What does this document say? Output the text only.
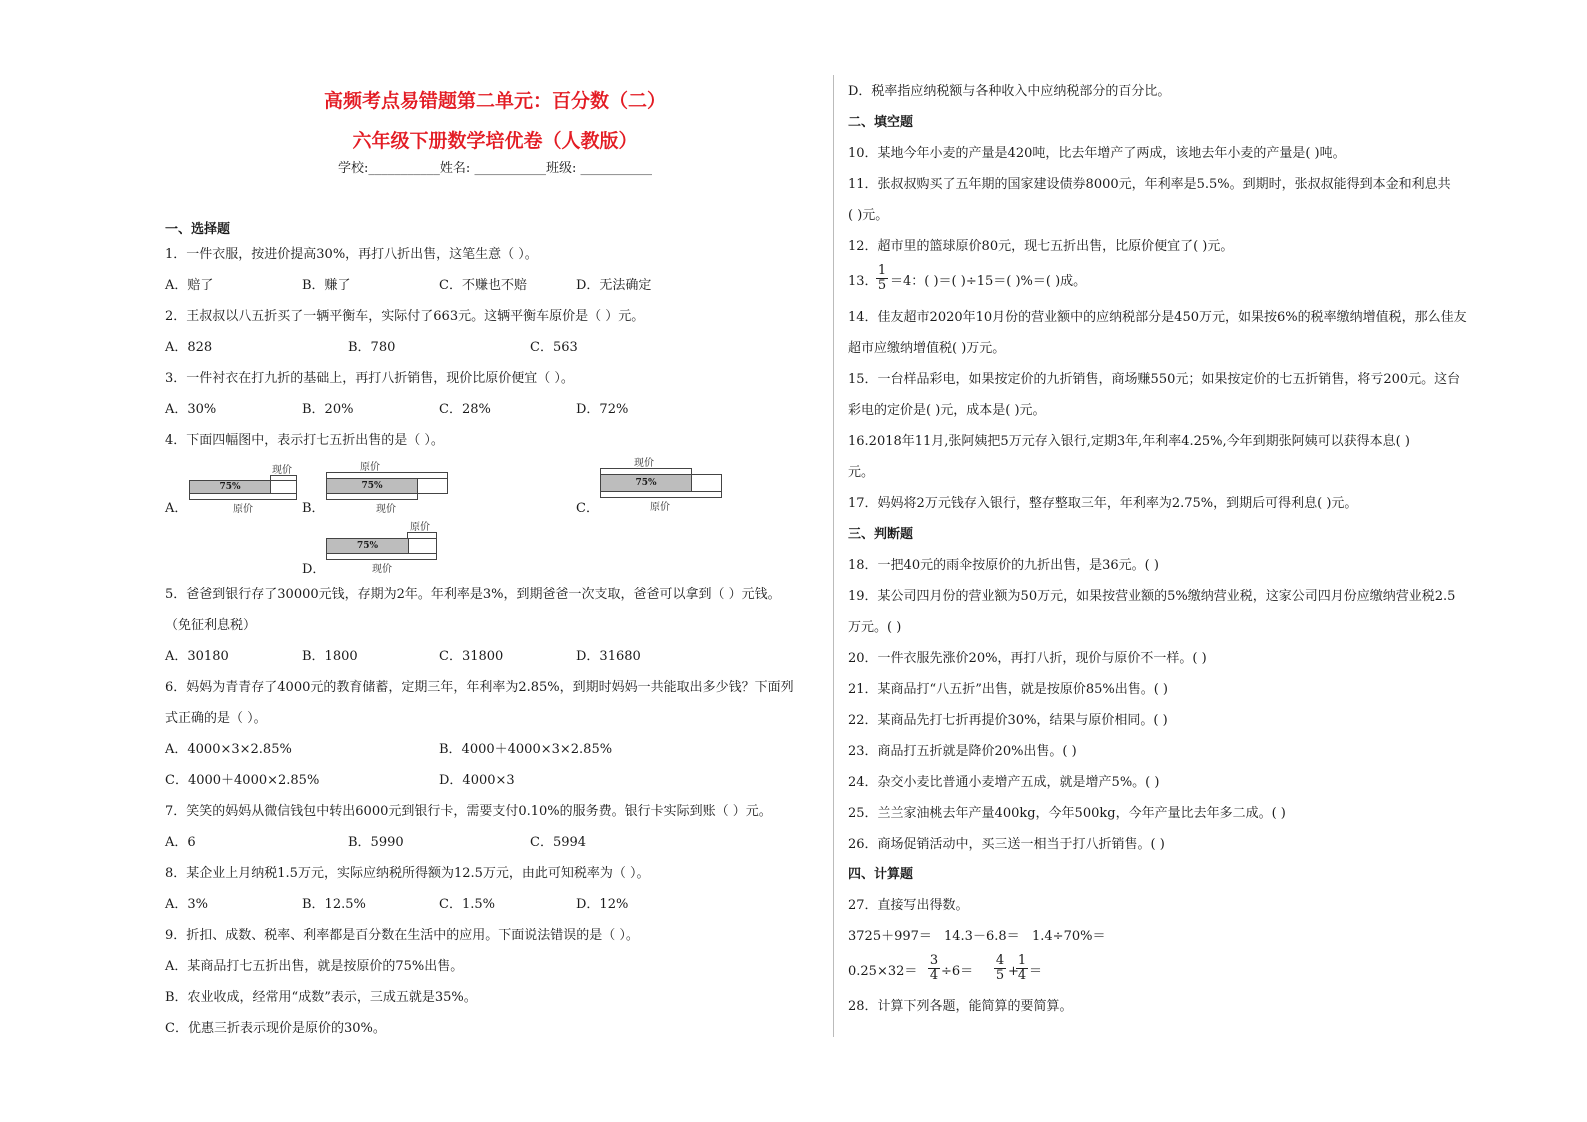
高频考点易错题第二单元：百分数（二）
六年级下册数学培优卷（人教版）
学校:___________姓名: ___________班级: ___________
一、选择题
1．一件衣服，按进价提高30%，再打八折出售，这笔生意（ ）。
A．赔了	B．赚了	C．不赚也不赔	D．无法确定
2．王叔叔以八五折买了一辆平衡车，实际付了663元。这辆平衡车原价是（ ）元。
A．828	B．780	C．563
3．一件衬衣在打九折的基础上，再打八折销售，现价比原价便宜（ ）。
A．30%	B．20%	C．28%	D．72%
4．下面四幅图中，表示打七五折出售的是（ ）。
A．
现价
75%
原价	B．
原价
75%
现价	C．
现价
75%
原价
D．
原价
75%
现价
5．爸爸到银行存了30000元钱，存期为2年。年利率是3%，到期爸爸一次支取，爸爸可以拿到（ ）元钱。
（免征利息税）
A．30180	B．1800	C．31800	D．31680
6．妈妈为青青存了4000元的教育储蓄，定期三年，年利率为2.85%，到期时妈妈一共能取出多少钱？下面列
式正确的是（ ）。
A．4000×3×2.85%	B．4000＋4000×3×2.85%
C．4000＋4000×2.85%	D．4000×3
7．笑笑的妈妈从微信钱包中转出6000元到银行卡，需要支付0.10%的服务费。银行卡实际到账（ ）元。
A．6	B．5990	C．5994
8．某企业上月纳税1.5万元，实际应纳税所得额为12.5万元，由此可知税率为（ ）。
A．3%	B．12.5%	C．1.5%	D．12%
9．折扣、成数、税率、利率都是百分数在生活中的应用。下面说法错误的是（ ）。
A．某商品打七五折出售，就是按原价的75%出售。
B．农业收成，经常用“成数”表示，三成五就是35%。
C．优惠三折表示现价是原价的30%。
D．税率指应纳税额与各种收入中应纳税部分的百分比。
二、填空题
10．某地今年小麦的产量是420吨，比去年增产了两成，该地去年小麦的产量是( )吨。
11．张叔叔购买了五年期的国家建设债券8000元，年利率是5.5%。到期时，张叔叔能得到本金和利息共
( )元。
12．超市里的篮球原价80元，现七五折出售，比原价便宜了( )元。
13．
$\frac{1}{5} =4$：( )＝( )÷15＝( )%＝( )成。
14．佳友超市2020年10月份的营业额中的应纳税部分是450万元，如果按6%的税率缴纳增值税，那么佳友
超市应缴纳增值税( )万元。
15．一台样品彩电，如果按定价的九折销售，商场赚550元；如果按定价的七五折销售，将亏200元。这台
彩电的定价是( )元，成本是( )元。
16.2018年11月,张阿姨把5万元存入银行,定期3年,年利率4.25%,今年到期张阿姨可以获得本息( )
元。
17．妈妈将2万元钱存入银行，整存整取三年，年利率为2.75%，到期后可得利息( )元。
三、判断题
18．一把40元的雨伞按原价的九折出售，是36元。( )
19．某公司四月份的营业额为50万元，如果按营业额的5%缴纳营业税，这家公司四月份应缴纳营业税2.5
万元。( )
20．一件衣服先涨价20%，再打八折，现价与原价不一样。( )
21．某商品打“八五折”出售，就是按原价85%出售。( )
22．某商品先打七折再提价30%，结果与原价相同。( )
23．商品打五折就是降价20%出售。( )
24．杂交小麦比普通小麦增产五成，就是增产5%。( )
25．兰兰家油桃去年产量400kg，今年500kg，今年产量比去年多二成。( )
26．商场促销活动中，买三送一相当于打八折销售。( )
四、计算题
27．直接写出得数。
3725＋997＝ 14.3－6.8＝ 1.4÷70%＝
$0.25\times 32= \frac{3}{4} \div 6= \frac{4}{5}$ +
$\frac{1}{4}$ ＝
28．计算下列各题，能简算的要简算。
